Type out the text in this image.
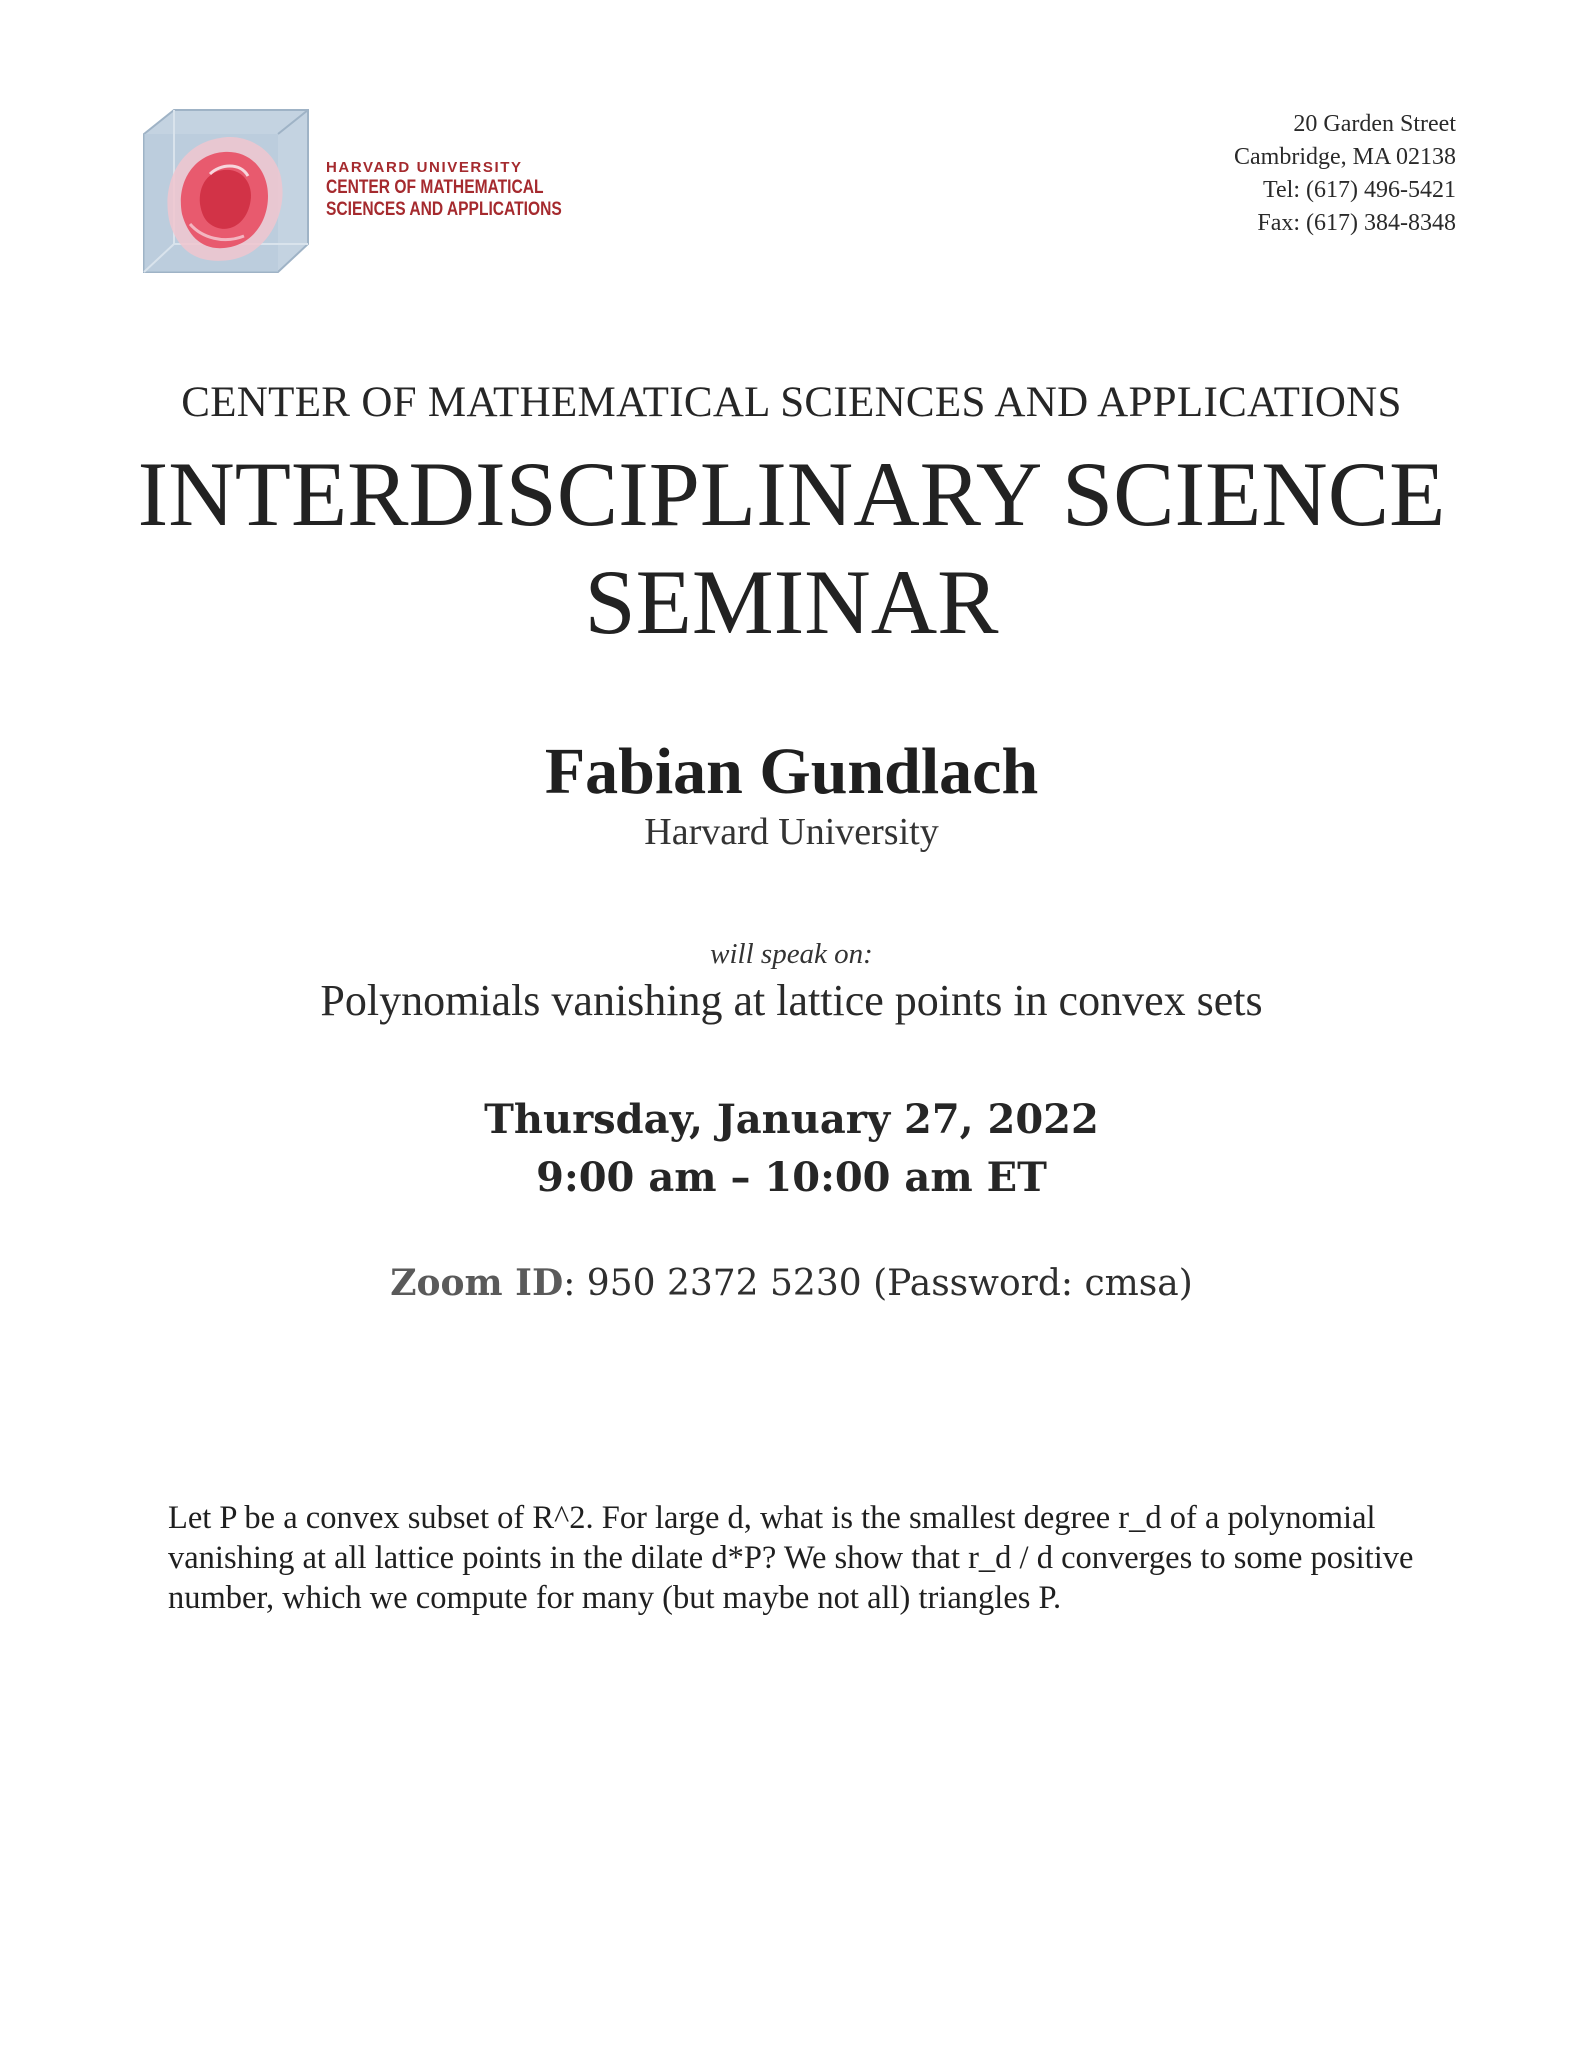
HARVARD UNIVERSITY
CENTER OF MATHEMATICAL
SCIENCES AND APPLICATIONS
20 Garden Street
Cambridge, MA 02138
Tel: (617) 496-5421
Fax: (617) 384-8348
CENTER OF MATHEMATICAL SCIENCES AND APPLICATIONS
INTERDISCIPLINARY SCIENCE
SEMINAR
Fabian Gundlach
Harvard University
will speak on:
Polynomials vanishing at lattice points in convex sets
Thursday, January 27, 2022
9:00 am – 10:00 am ET
Zoom ID: 950 2372 5230 (Password: cmsa)
Let P be a convex subset of R^2. For large d, what is the smallest degree r_d of a polynomial vanishing at all lattice points in the dilate d*P? We show that r_d / d converges to some positive number, which we compute for many (but maybe not all) triangles P.
